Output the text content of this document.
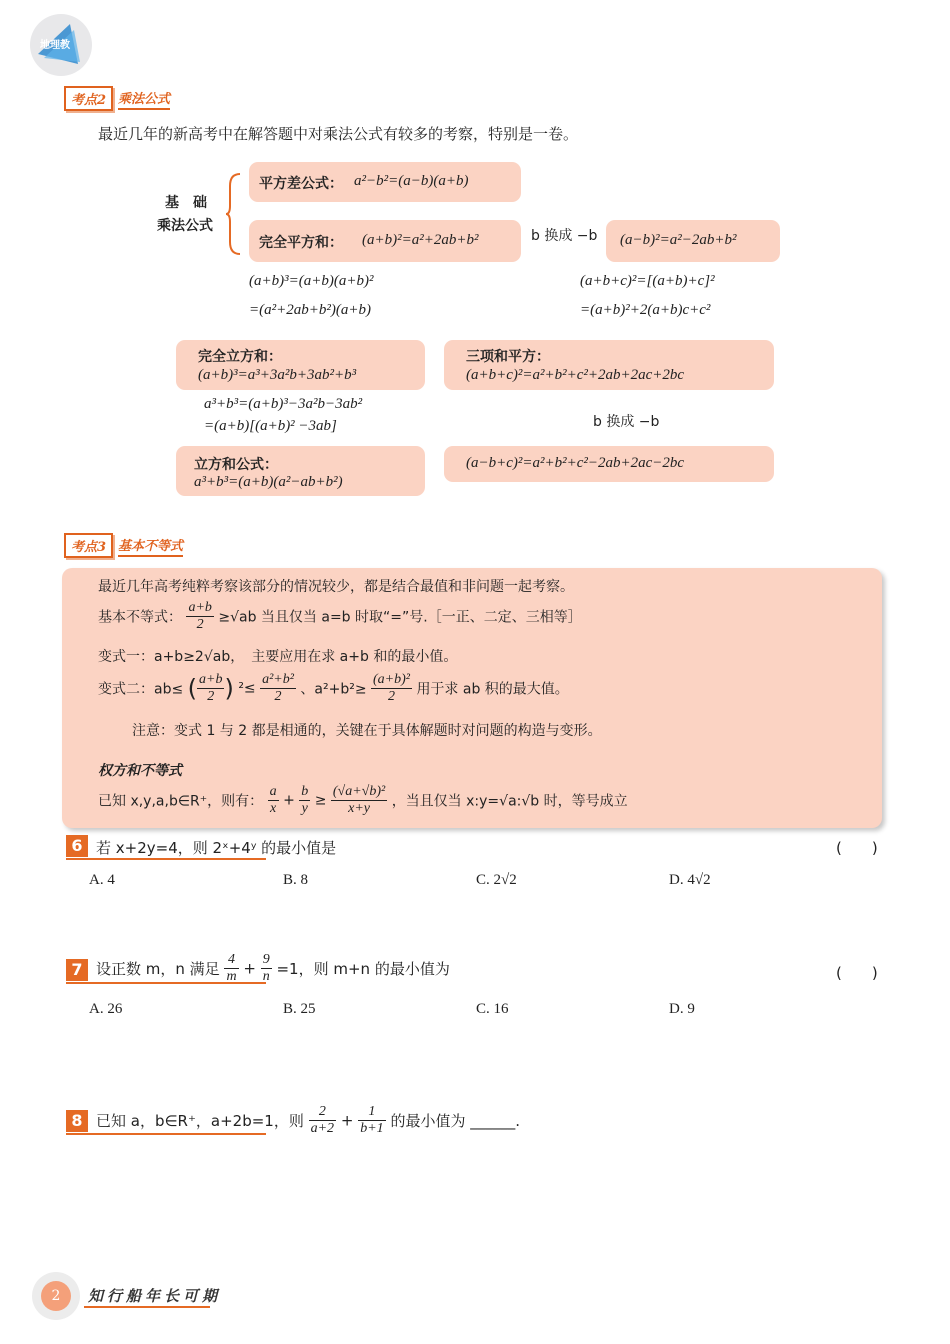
地理教
考点2 乘法公式
最近几年的新高考中在解答题中对乘法公式有较多的考察，特别是一卷。
基　础
乘法公式
平方差公式： a²−b²=(a−b)(a+b)
完全平方和： (a+b)²=a²+2ab+b²	b 换成 −b (a−b)²=a²−2ab+b²
(a+b)³=(a+b)(a+b)²
=(a²+2ab+b²)(a+b)
(a+b+c)²=[(a+b)+c]²
=(a+b)²+2(a+b)c+c²
完全立方和：
(a+b)³=a³+3a²b+3ab²+b³
三项和平方：
(a+b+c)²=a²+b²+c²+2ab+2ac+2bc
a³+b³=(a+b)³−3a²b−3ab²
=(a+b)[(a+b)² −3ab]	b 换成 −b
立方和公式：
a³+b³=(a+b)(a²−ab+b²)
(a−b+c)²=a²+b²+c²−2ab+2ac−2bc
考点3 基本不等式
最近几年高考纯粹考察该部分的情况较少，都是结合最值和非问题一起考察。
基本不等式： $\frac{a+b}{2} \ge√ab$ 当且仅当 a=b 时取“=”号.［一正、二定、三相等］
变式一：a+b≥2√ab，　主要应用在求 a+b 和的最小值。
变式二：ab≤ ( $\frac{a+b}{2}$ ) $^2\le \frac{\text{a²+b²}}{2}$ 、$a^2+b^2\ge \frac{\text{(a+b)²}}{2}$ 用于求 ab 积的最大值。
注意：变式 1 与 2 都是相通的，关键在于具体解题时对问题的构造与变形。
权方和不等式
已知 x,y,a,b∈R⁺，则有： $\frac{a}{x} + \frac{b}{y} \ge \frac{\text{(√a+√b)²}}{x+y}$ ，当且仅当 x:y=√a:√b 时，等号成立
6 若 x+2y=4，则 2ˣ+4ʸ 的最小值是	(　　)
A. 4	B. 8	C. 2√2	D. 4√2
7 设正数 m，n 满足 $\frac{4}{m} + \frac{9}{n} =1$，则 m+n 的最小值为	(　　)
A. 26	B. 25	C. 16	D. 9
8 已知 a，b∈R⁺，a+2b=1，则 $\frac{2}{a+2} + \frac{1}{b+1}$ 的最小值为 ______.
2	知行船年长可期
